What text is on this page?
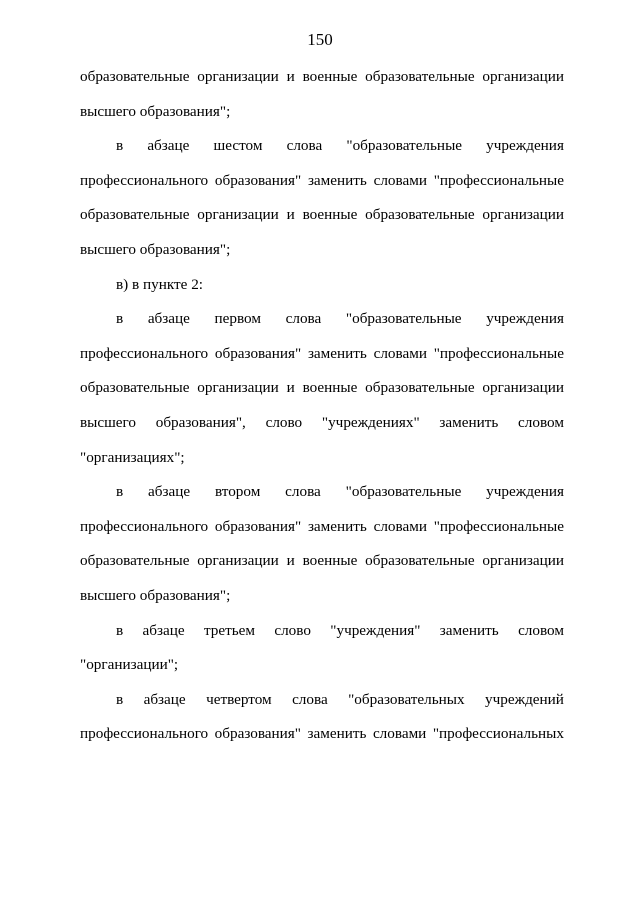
150
образовательные организации и военные образовательные организации
высшего образования";
в абзаце шестом слова "образовательные учреждения
профессионального образования" заменить словами "профессиональные
образовательные организации и военные образовательные организации
высшего образования";
в) в пункте 2:
в абзаце первом слова "образовательные учреждения
профессионального образования" заменить словами "профессиональные
образовательные организации и военные образовательные организации
высшего образования", слово "учреждениях" заменить словом
"организациях";
в абзаце втором слова "образовательные учреждения
профессионального образования" заменить словами "профессиональные
образовательные организации и военные образовательные организации
высшего образования";
в абзаце третьем слово "учреждения" заменить словом
"организации";
в абзаце четвертом слова "образовательных учреждений
профессионального образования" заменить словами "профессиональных
